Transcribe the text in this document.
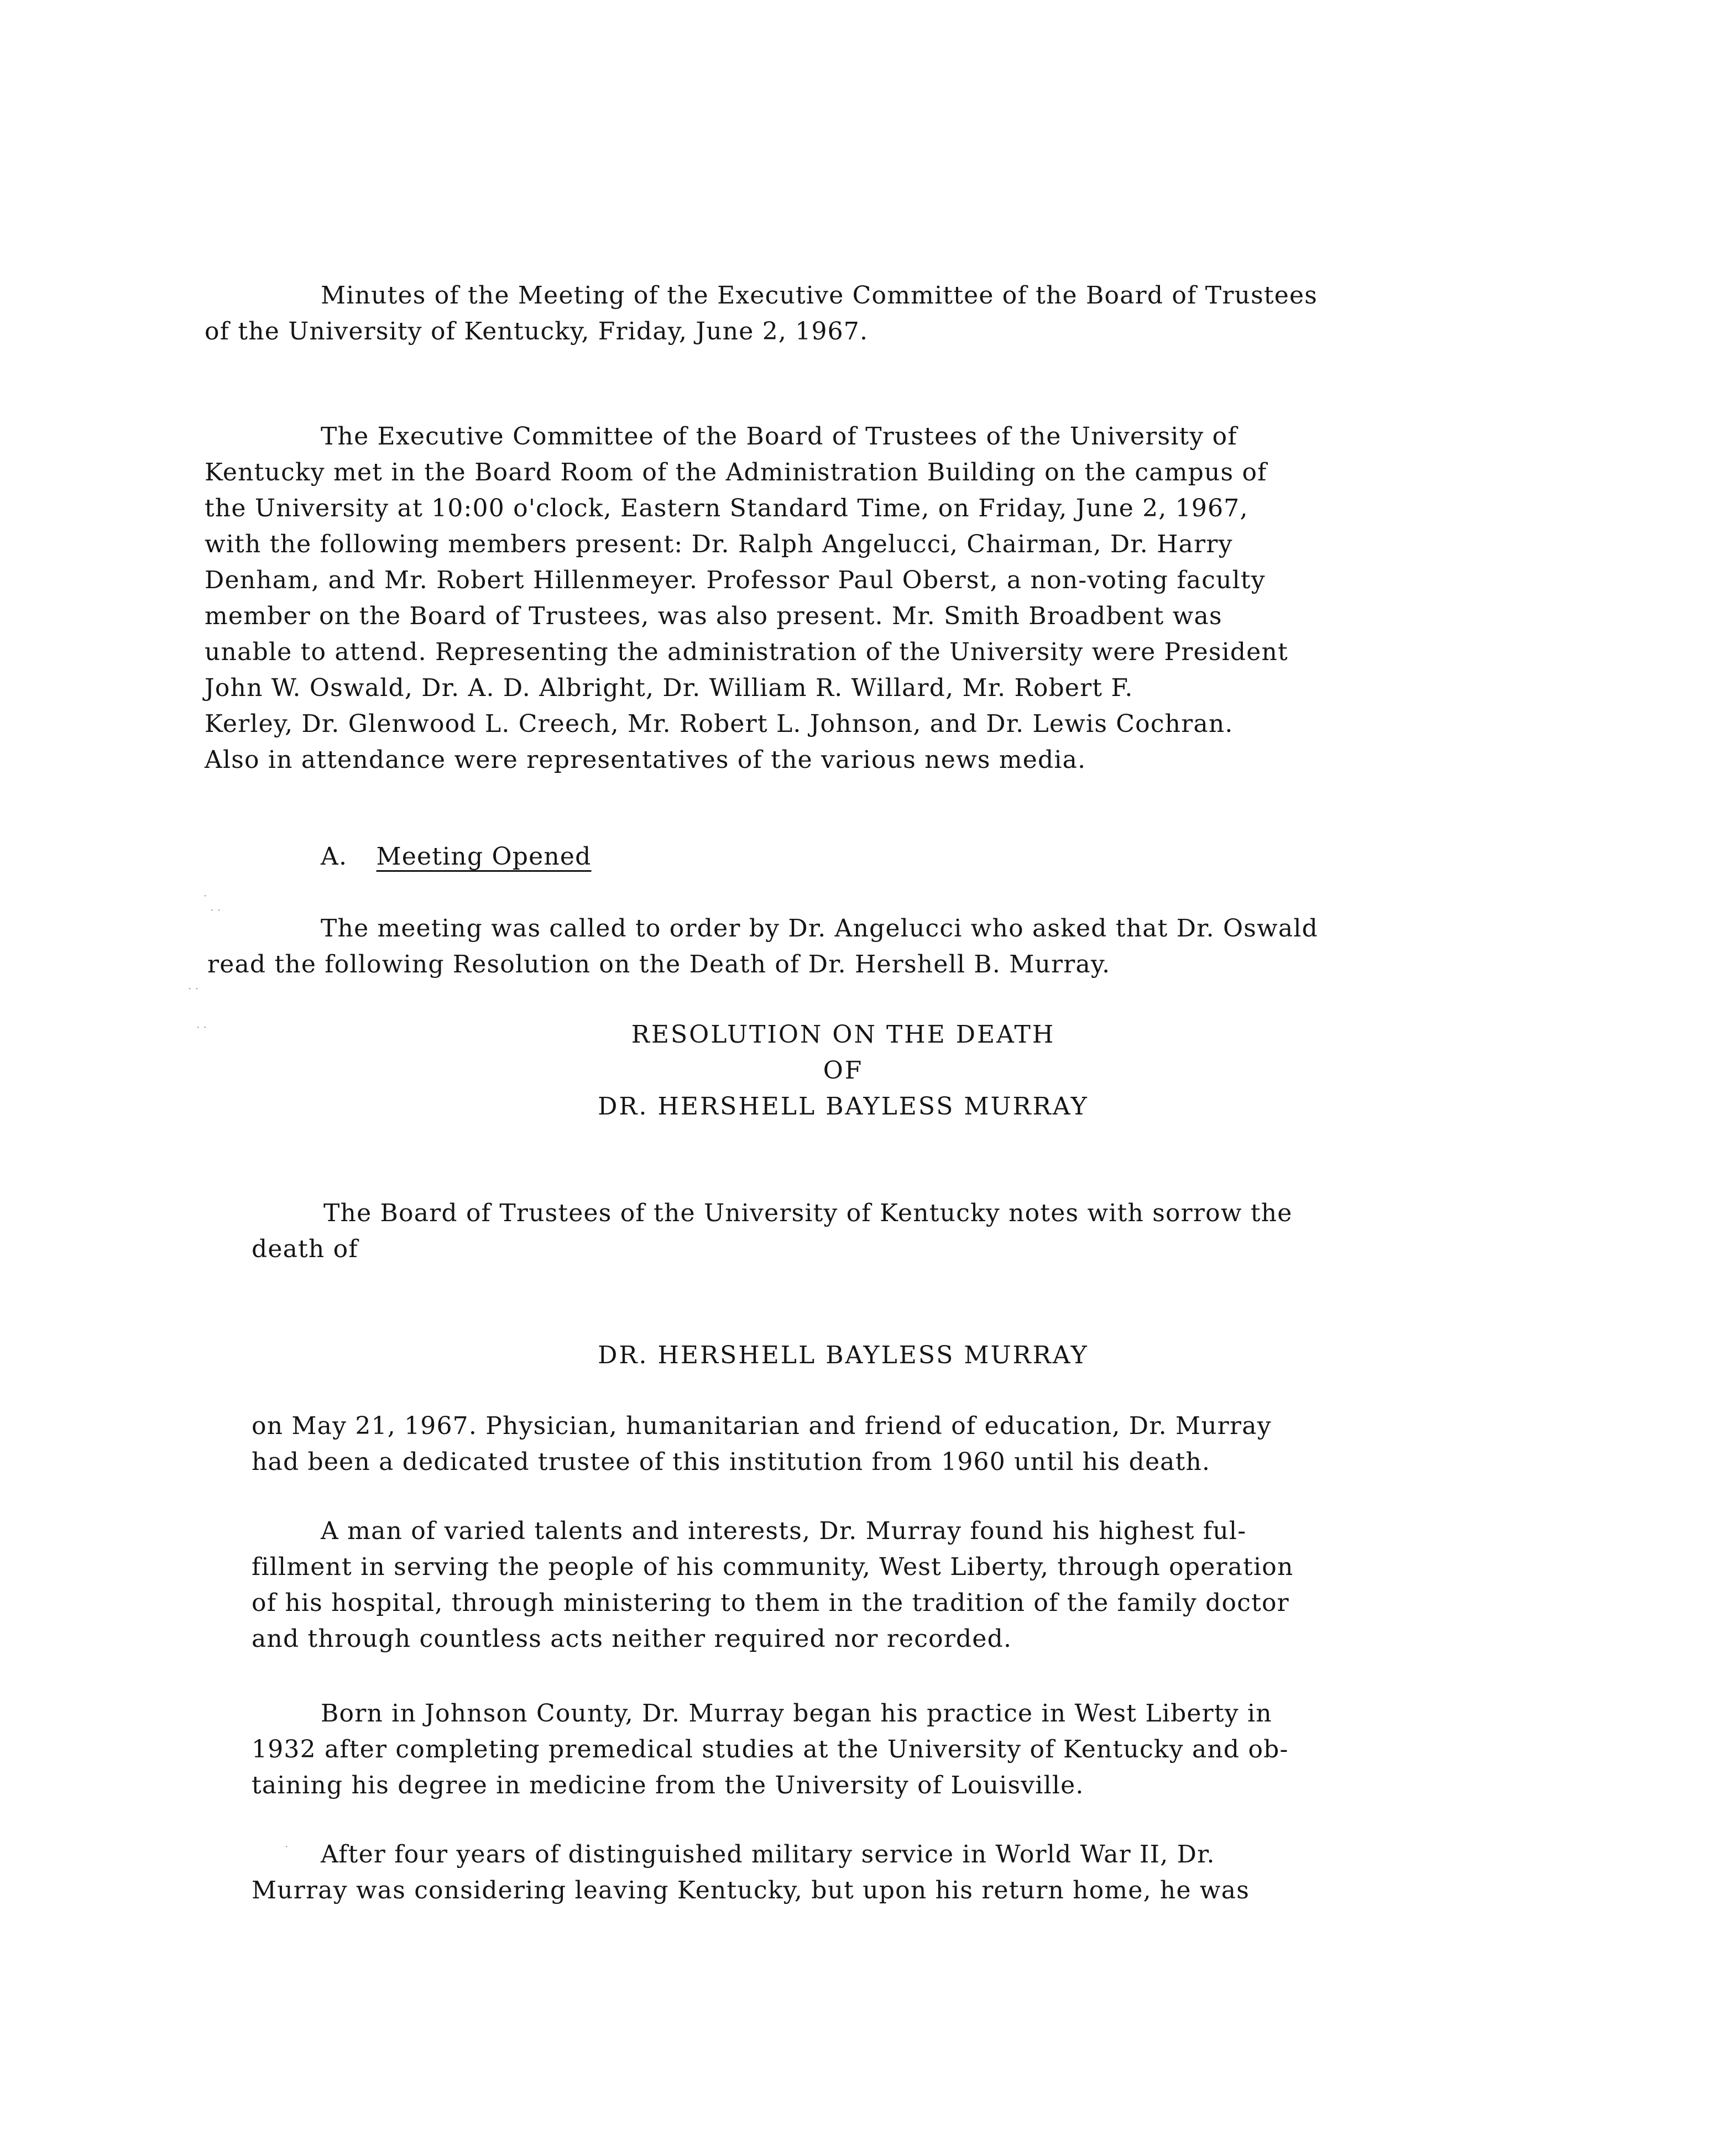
Minutes of the Meeting of the Executive Committee of the Board of Trustees
of the University of Kentucky, Friday, June 2, 1967.
The Executive Committee of the Board of Trustees of the University of
Kentucky met in the Board Room of the Administration Building on the campus of
the University at 10:00 o'clock, Eastern Standard Time, on Friday, June 2, 1967,
with the following members present: Dr. Ralph Angelucci, Chairman, Dr. Harry
Denham, and Mr. Robert Hillenmeyer. Professor Paul Oberst, a non-voting faculty
member on the Board of Trustees, was also present. Mr. Smith Broadbent was
unable to attend. Representing the administration of the University were President
John W. Oswald, Dr. A. D. Albright, Dr. William R. Willard, Mr. Robert F.
Kerley, Dr. Glenwood L. Creech, Mr. Robert L. Johnson, and Dr. Lewis Cochran.
Also in attendance were representatives of the various news media.
A. Meeting Opened
·
· ·
· ·
· ·
The meeting was called to order by Dr. Angelucci who asked that Dr. Oswald
read the following Resolution on the Death of Dr. Hershell B. Murray.
RESOLUTION ON THE DEATH
OF
DR. HERSHELL BAYLESS MURRAY
The Board of Trustees of the University of Kentucky notes with sorrow the
death of
DR. HERSHELL BAYLESS MURRAY
on May 21, 1967. Physician, humanitarian and friend of education, Dr. Murray
had been a dedicated trustee of this institution from 1960 until his death.
A man of varied talents and interests, Dr. Murray found his highest ful-
fillment in serving the people of his community, West Liberty, through operation
of his hospital, through ministering to them in the tradition of the family doctor
and through countless acts neither required nor recorded.
Born in Johnson County, Dr. Murray began his practice in West Liberty in
1932 after completing premedical studies at the University of Kentucky and ob-
taining his degree in medicine from the University of Louisville.
· After four years of distinguished military service in World War II, Dr.
Murray was considering leaving Kentucky, but upon his return home, he was
